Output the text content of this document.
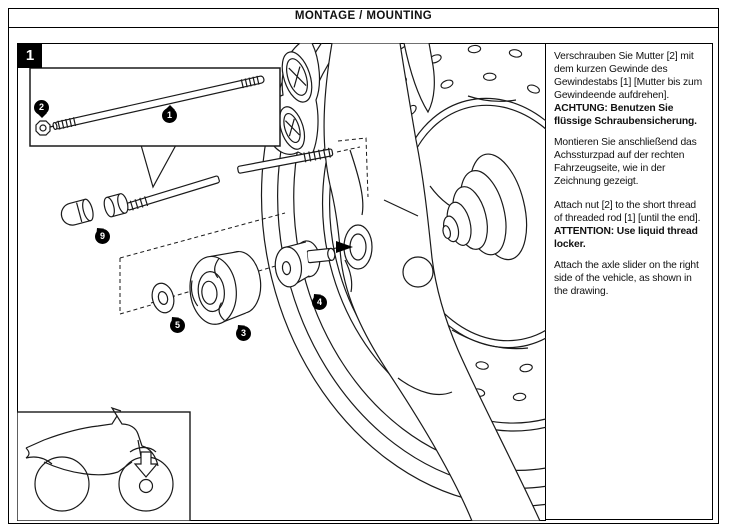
MONTAGE / MOUNTING
1
1
2
9
5
3
4

Verschrauben Sie Mutter [2] mit dem kurzen Gewinde des Gewindestabs [1] [Mutter bis zum Gewindeende aufdrehen].

ACHTUNG: Benutzen Sie flüssige Schraubensicherung.

Montieren Sie anschließend das Achssturzpad auf der rechten Fahrzeugseite, wie in der Zeichnung gezeigt.

Attach nut [2] to the short thread of threaded rod [1] [until the end].

ATTENTION: Use liquid thread locker.

Attach the axle slider on the right side of the vehicle, as shown in the drawing.
